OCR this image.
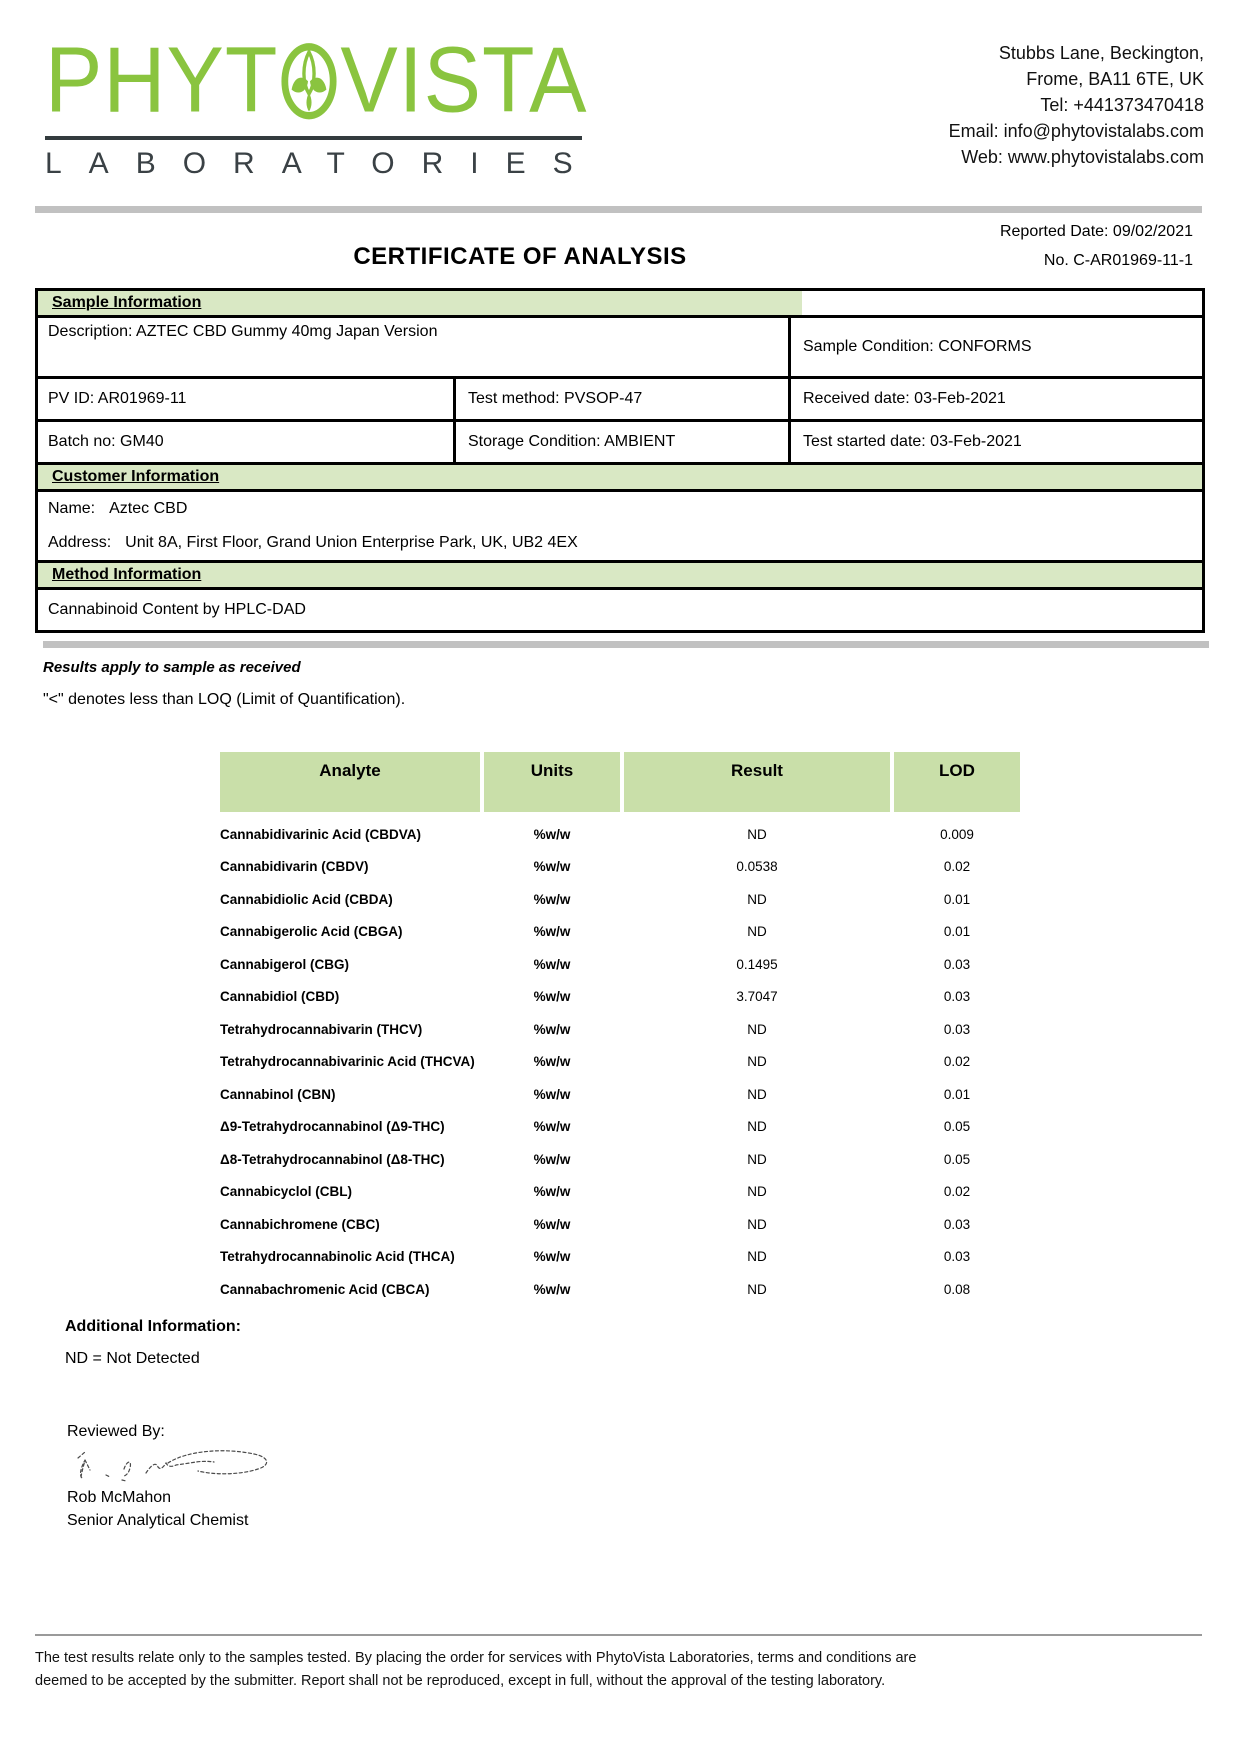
PHYT VISTA
LABORATORIES
Stubbs Lane, Beckington,
Frome, BA11 6TE, UK
Tel: +441373470418
Email: info@phytovistalabs.com
Web: www.phytovistalabs.com
Reported Date: 09/02/2021
CERTIFICATE OF ANALYSIS	No. C-AR01969-11-1
Sample Information
Description: AZTEC CBD Gummy 40mg Japan Version
Sample Condition: CONFORMS
PV ID: AR01969-11	Test method: PVSOP-47	Received date: 03-Feb-2021
Batch no: GM40	Storage Condition: AMBIENT	Test started date: 03-Feb-2021
Customer Information
Name: Aztec CBD
Address: Unit 8A, First Floor, Grand Union Enterprise Park, UK, UB2 4EX
Method Information
Cannabinoid Content by HPLC-DAD
Results apply to sample as received
"<" denotes less than LOQ (Limit of Quantification).
Analyte	Units	Result	LOD
Cannabidivarinic Acid (CBDVA)	%w/w	ND	0.009
Cannabidivarin (CBDV)	%w/w	0.0538	0.02
Cannabidiolic Acid (CBDA)	%w/w	ND	0.01
Cannabigerolic Acid (CBGA)	%w/w	ND	0.01
Cannabigerol (CBG)	%w/w	0.1495	0.03
Cannabidiol (CBD)	%w/w	3.7047	0.03
Tetrahydrocannabivarin (THCV)	%w/w	ND	0.03
Tetrahydrocannabivarinic Acid (THCVA)	%w/w	ND	0.02
Cannabinol (CBN)	%w/w	ND	0.01
Δ9-Tetrahydrocannabinol (Δ9-THC)	%w/w	ND	0.05
Δ8-Tetrahydrocannabinol (Δ8-THC)	%w/w	ND	0.05
Cannabicyclol (CBL)	%w/w	ND	0.02
Cannabichromene (CBC)	%w/w	ND	0.03
Tetrahydrocannabinolic Acid (THCA)	%w/w	ND	0.03
Cannabachromenic Acid (CBCA)	%w/w	ND	0.08
Additional Information:
ND = Not Detected
Reviewed By:
Rob McMahon
Senior Analytical Chemist
The test results relate only to the samples tested. By placing the order for services with PhytoVista Laboratories, terms and conditions are
deemed to be accepted by the submitter. Report shall not be reproduced, except in full, without the approval of the testing laboratory.
